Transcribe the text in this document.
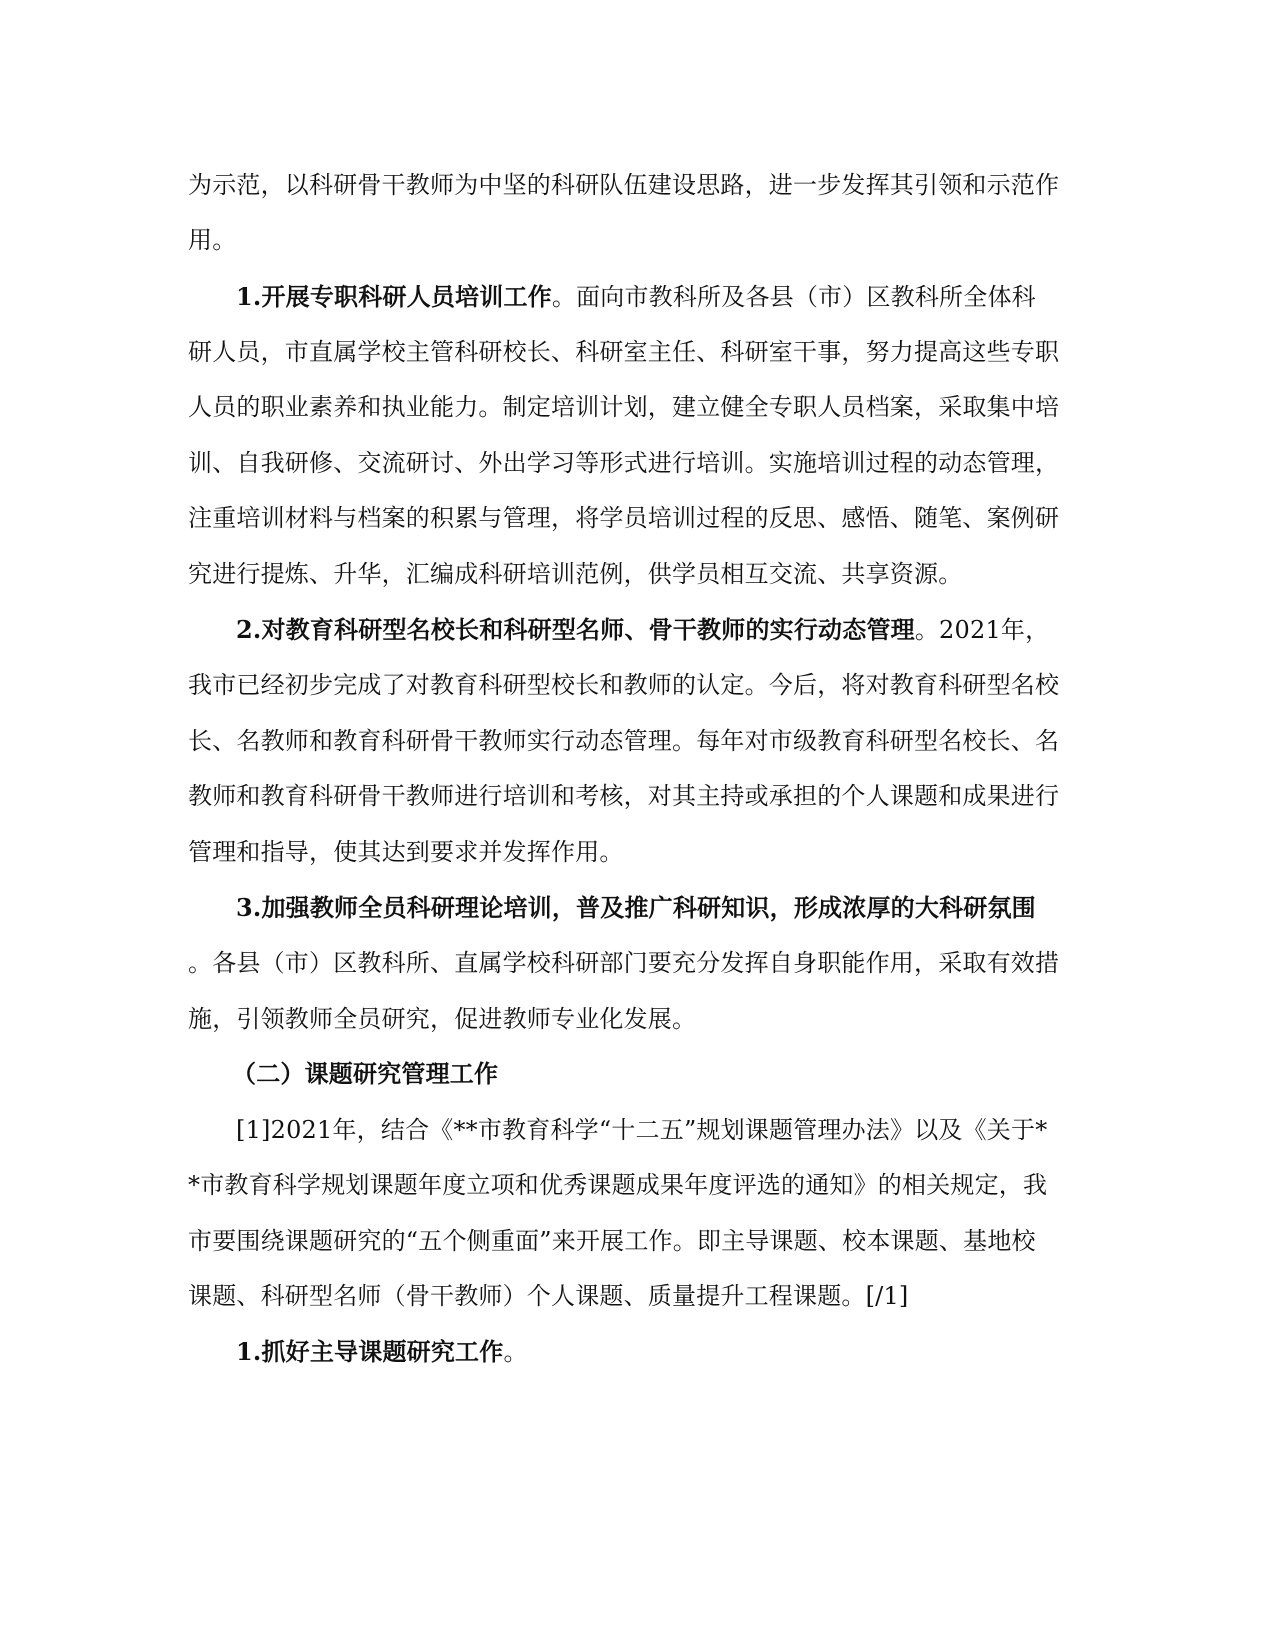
为示范，以科研骨干教师为中坚的科研队伍建设思路，进一步发挥其引领和示范作
用。
1.开展专职科研人员培训工作。面向市教科所及各县（市）区教科所全体科
研人员，市直属学校主管科研校长、科研室主任、科研室干事，努力提高这些专职
人员的职业素养和执业能力。制定培训计划，建立健全专职人员档案，采取集中培
训、自我研修、交流研讨、外出学习等形式进行培训。实施培训过程的动态管理，
注重培训材料与档案的积累与管理，将学员培训过程的反思、感悟、随笔、案例研
究进行提炼、升华，汇编成科研培训范例，供学员相互交流、共享资源。
2.对教育科研型名校长和科研型名师、骨干教师的实行动态管理。2021年，
我市已经初步完成了对教育科研型校长和教师的认定。今后，将对教育科研型名校
长、名教师和教育科研骨干教师实行动态管理。每年对市级教育科研型名校长、名
教师和教育科研骨干教师进行培训和考核，对其主持或承担的个人课题和成果进行
管理和指导，使其达到要求并发挥作用。
3.加强教师全员科研理论培训，普及推广科研知识，形成浓厚的大科研氛围
。各县（市）区教科所、直属学校科研部门要充分发挥自身职能作用，采取有效措
施，引领教师全员研究，促进教师专业化发展。
（二）课题研究管理工作
[1]2021年，结合《**市教育科学“十二五”规划课题管理办法》以及《关于*
*市教育科学规划课题年度立项和优秀课题成果年度评选的通知》的相关规定，我
市要围绕课题研究的“五个侧重面”来开展工作。即主导课题、校本课题、基地校
课题、科研型名师（骨干教师）个人课题、质量提升工程课题。[/1]
1.抓好主导课题研究工作。
